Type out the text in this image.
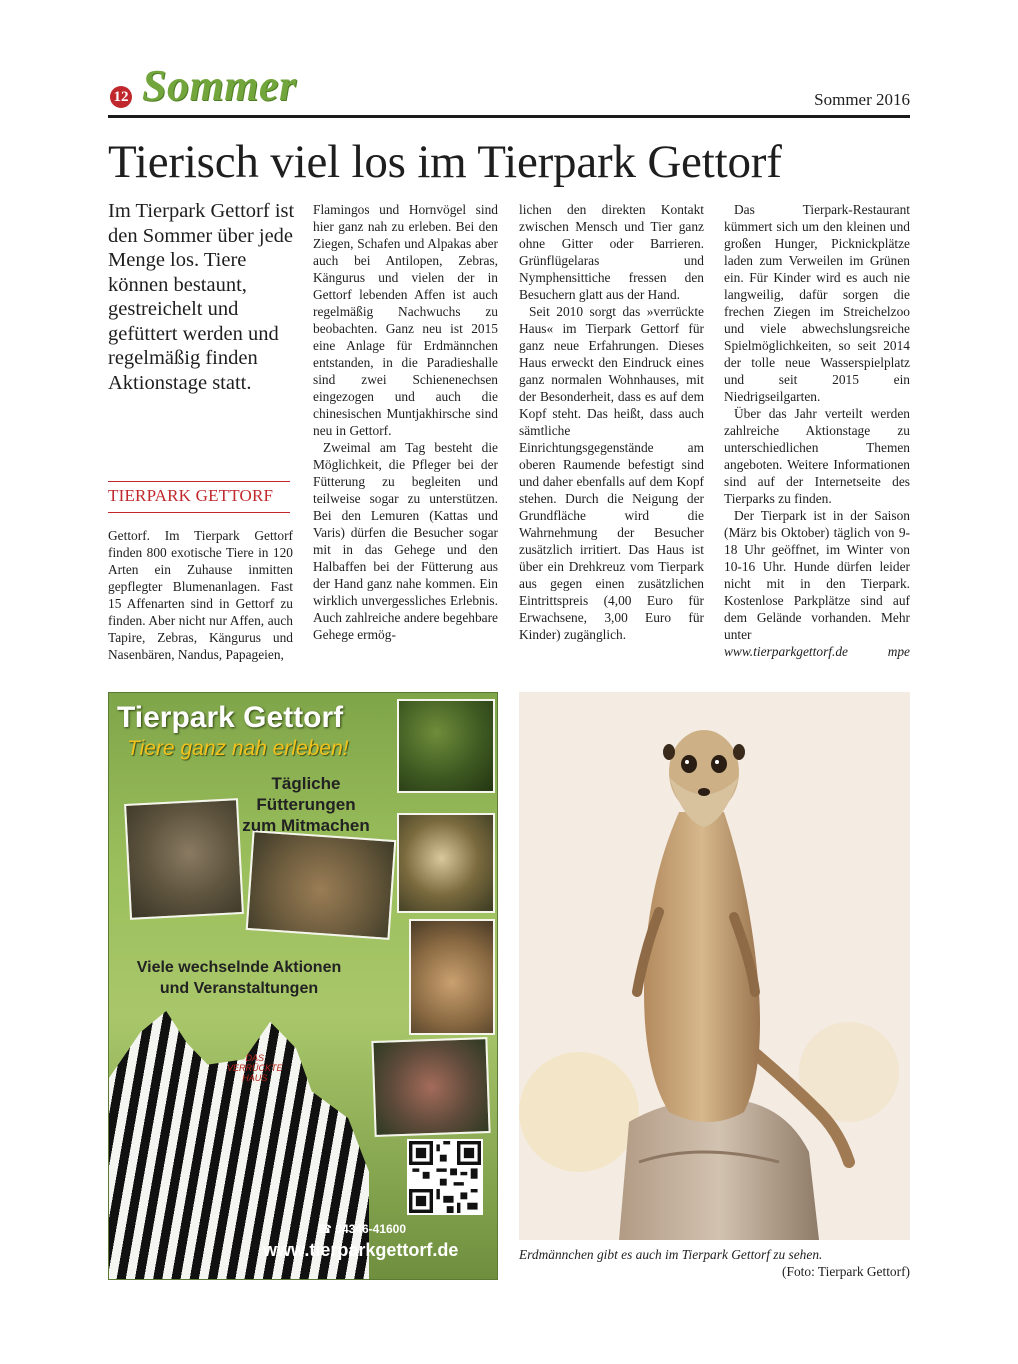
12 Sommer	Sommer 2016
Tierisch viel los im Tierpark Gettorf
Im Tierpark Gettorf ist den Sommer über jede Menge los. Tiere können bestaunt, gestreichelt und gefüttert werden und regelmäßig finden Aktionstage statt.
TIERPARK GETTORF

Gettorf. Im Tierpark Gettorf finden 800 exotische Tiere in 120 Arten ein Zuhause inmitten gepflegter Blumenanlagen. Fast 15 Affenarten sind in Gettorf zu finden. Aber nicht nur Affen, auch Tapire, Zebras, Kängurus und Nasenbären, Nandus, Papageien,

Flamingos und Hornvögel sind hier ganz nah zu erleben. Bei den Ziegen, Schafen und Alpakas aber auch bei Antilopen, Zebras, Kängurus und vielen der in Gettorf lebenden Affen ist auch regelmäßig Nachwuchs zu beobachten. Ganz neu ist 2015 eine Anlage für Erdmännchen entstanden, in die Paradieshalle sind zwei Schienenechsen eingezogen und auch die chinesischen Muntjakhirsche sind neu in Gettorf.

Zweimal am Tag besteht die Möglichkeit, die Pfleger bei der Fütterung zu begleiten und teilweise sogar zu unterstützen. Bei den Lemuren (Kattas und Varis) dürfen die Besucher sogar mit in das Gehege und den Halbaffen bei der Fütterung aus der Hand ganz nahe kommen. Ein wirklich unvergessliches Erlebnis. Auch zahlreiche andere begehbare Gehege ermög-

lichen den direkten Kontakt zwischen Mensch und Tier ganz ohne Gitter oder Barrieren. Grünflügelaras und Nymphensittiche fressen den Besuchern glatt aus der Hand.

Seit 2010 sorgt das »verrückte Haus« im Tierpark Gettorf für ganz neue Erfahrungen. Dieses Haus erweckt den Eindruck eines ganz normalen Wohnhauses, mit der Besonderheit, dass es auf dem Kopf steht. Das heißt, dass auch sämtliche Einrichtungsgegenstände am oberen Raumende befestigt sind und daher ebenfalls auf dem Kopf stehen. Durch die Neigung der Grundfläche wird die Wahrnehmung der Besucher zusätzlich irritiert. Das Haus ist über ein Drehkreuz vom Tierpark aus gegen einen zusätzlichen Eintrittspreis (4,00 Euro für Erwachsene, 3,00 Euro für Kinder) zugänglich.

Das Tierpark-Restaurant kümmert sich um den kleinen und großen Hunger, Picknickplätze laden zum Verweilen im Grünen ein. Für Kinder wird es auch nie langweilig, dafür sorgen die frechen Ziegen im Streichelzoo und viele abwechslungsreiche Spielmöglichkeiten, so seit 2014 der tolle neue Wasserspielplatz und seit 2015 ein Niedrigseilgarten.

Über das Jahr verteilt werden zahlreiche Aktionstage zu unterschiedlichen Themen angeboten. Weitere Informationen sind auf der Internetseite des Tierparks zu finden.

Der Tierpark ist in der Saison (März bis Oktober) täglich von 9-18 Uhr geöffnet, im Winter von 10-16 Uhr. Hunde dürfen leider nicht mit in den Tierpark. Kostenlose Parkplätze sind auf dem Gelände vorhanden. Mehr unter

www.tierparkgettorf.de	mpe
Tierpark Gettorf
Tiere ganz nah erleben!
Tägliche
Fütterungen
zum Mitmachen
Viele wechselnde Aktionen
und Veranstaltungen
DAS
VERRÜCKTE
HAUS
☎ 04346-41600
www.tierparkgettorf.de	Erdmännchen gibt es auch im Tierpark Gettorf zu sehen.
(Foto: Tierpark Gettorf)
